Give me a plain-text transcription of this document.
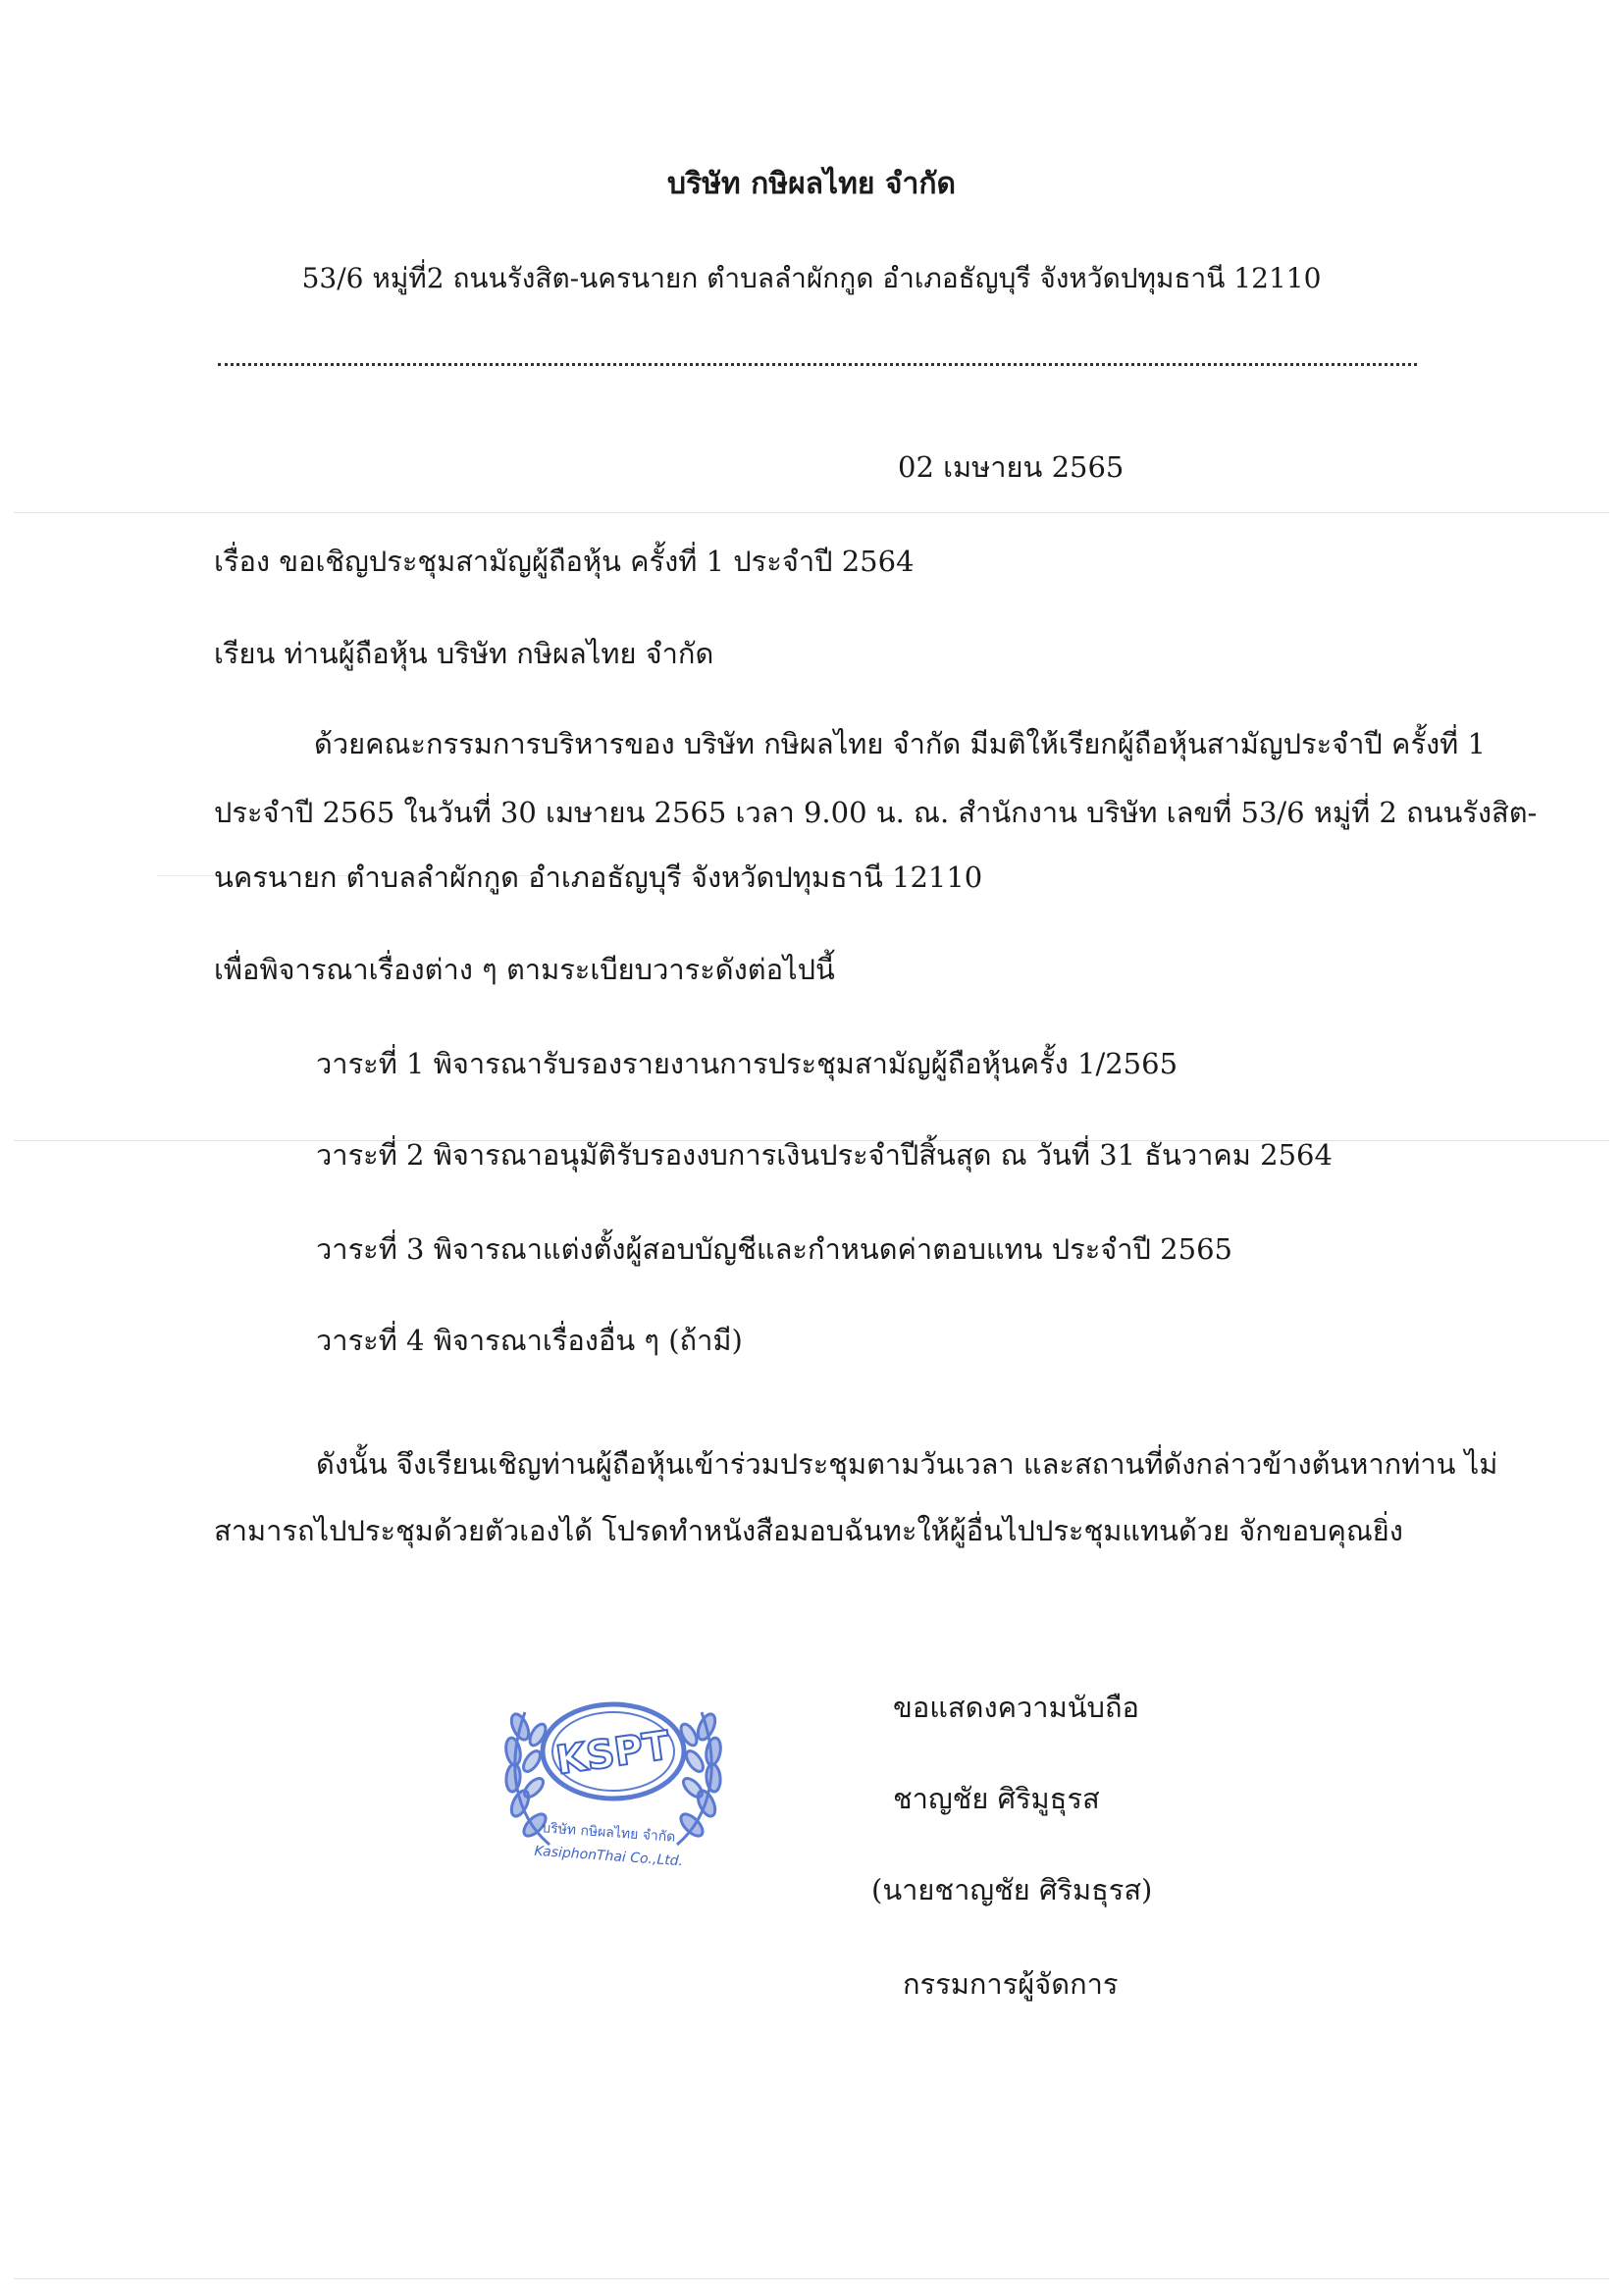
บริษัท กษิผลไทย จำกัด
53/6 หมู่ที่2 ถนนรังสิต-นครนายก ตำบลลำผักกูด อำเภอธัญบุรี จังหวัดปทุมธานี 12110
02 เมษายน 2565
เรื่อง ขอเชิญประชุมสามัญผู้ถือหุ้น ครั้งที่ 1 ประจำปี 2564
เรียน ท่านผู้ถือหุ้น บริษัท กษิผลไทย จำกัด
ด้วยคณะกรรมการบริหารของ บริษัท กษิผลไทย จำกัด มีมติให้เรียกผู้ถือหุ้นสามัญประจำปี ครั้งที่ 1
ประจำปี 2565 ในวันที่ 30 เมษายน 2565 เวลา 9.00 น. ณ. สำนักงาน บริษัท เลขที่ 53/6 หมู่ที่ 2 ถนนรังสิต-
นครนายก ตำบลลำผักกูด อำเภอธัญบุรี จังหวัดปทุมธานี 12110
เพื่อพิจารณาเรื่องต่าง ๆ ตามระเบียบวาระดังต่อไปนี้
วาระที่ 1 พิจารณารับรองรายงานการประชุมสามัญผู้ถือหุ้นครั้ง 1/2565
วาระที่ 2 พิจารณาอนุมัติรับรองงบการเงินประจำปีสิ้นสุด ณ วันที่ 31 ธันวาคม 2564
วาระที่ 3 พิจารณาแต่งตั้งผู้สอบบัญชีและกำหนดค่าตอบแทน ประจำปี 2565
วาระที่ 4 พิจารณาเรื่องอื่น ๆ (ถ้ามี)
ดังนั้น จึงเรียนเชิญท่านผู้ถือหุ้นเข้าร่วมประชุมตามวันเวลา และสถานที่ดังกล่าวข้างต้นหากท่าน ไม่
สามารถไปประชุมด้วยตัวเองได้ โปรดทำหนังสือมอบฉันทะให้ผู้อื่นไปประชุมแทนด้วย จักขอบคุณยิ่ง
KSPT
บริษัท กษิผลไทย จำกัด
KasiphonThai Co.,Ltd.
ขอแสดงความนับถือ
ชาญชัย ศิริมูธุรส
(นายชาญชัย ศิริมธุรส)
กรรมการผู้จัดการ
